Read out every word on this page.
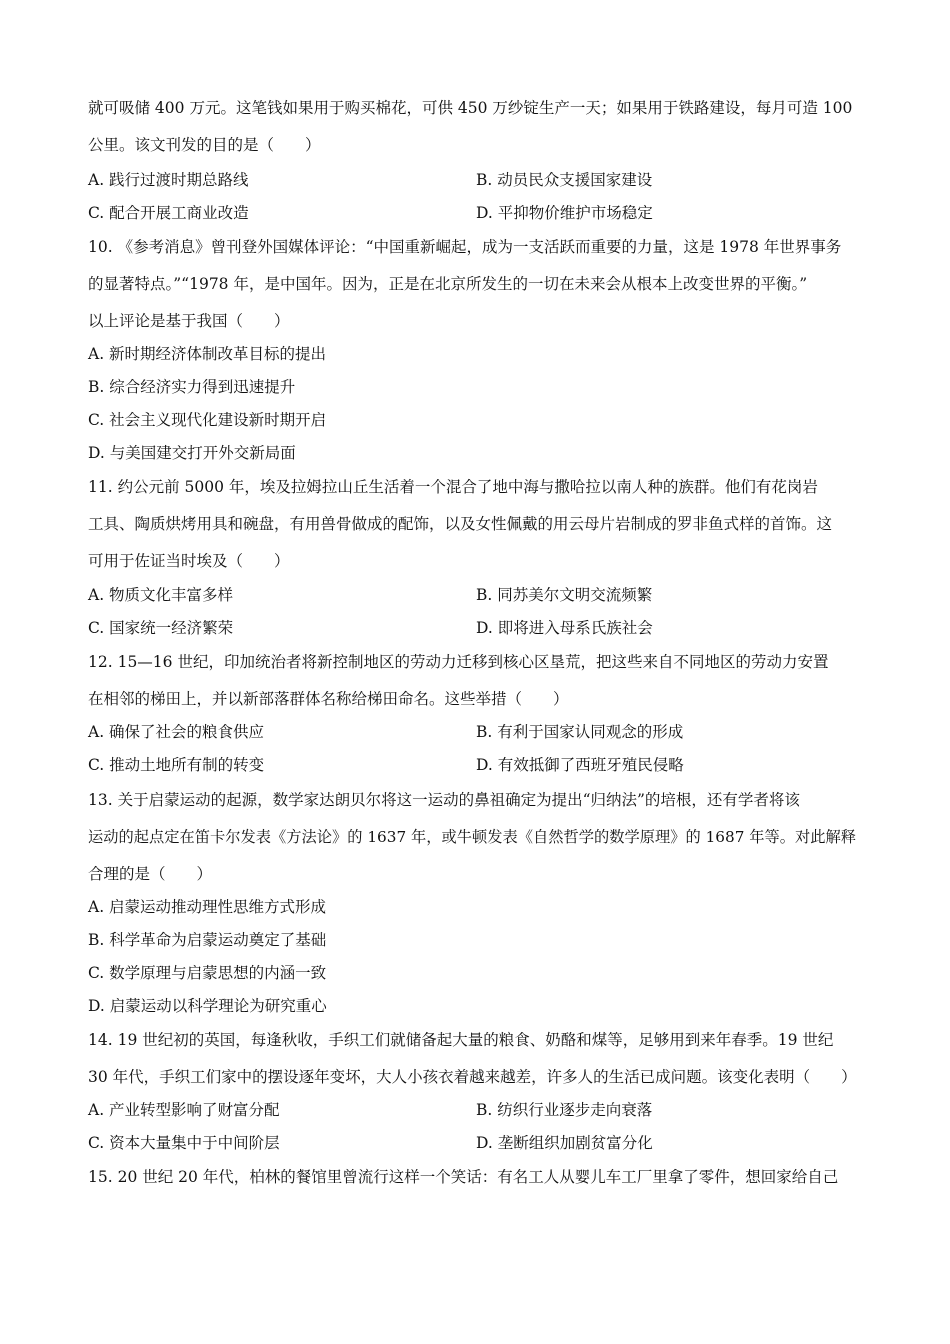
就可吸储 400 万元。这笔钱如果用于购买棉花，可供 450 万纱锭生产一天；如果用于铁路建设，每月可造 100
公里。该文刊发的目的是（　　）
A. 践行过渡时期总路线	B. 动员民众支援国家建设
C. 配合开展工商业改造	D. 平抑物价维护市场稳定
10. 《参考消息》曾刊登外国媒体评论：“中国重新崛起，成为一支活跃而重要的力量，这是 1978 年世界事务
的显著特点。”“1978 年，是中国年。因为，正是在北京所发生的一切在未来会从根本上改变世界的平衡。”
以上评论是基于我国（　　）
A. 新时期经济体制改革目标的提出
B. 综合经济实力得到迅速提升
C. 社会主义现代化建设新时期开启
D. 与美国建交打开外交新局面
11. 约公元前 5000 年，埃及拉姆拉山丘生活着一个混合了地中海与撒哈拉以南人种的族群。他们有花岗岩
工具、陶质烘烤用具和碗盘，有用兽骨做成的配饰，以及女性佩戴的用云母片岩制成的罗非鱼式样的首饰。这
可用于佐证当时埃及（　　）
A. 物质文化丰富多样	B. 同苏美尔文明交流频繁
C. 国家统一经济繁荣	D. 即将进入母系氏族社会
12. 15—16 世纪，印加统治者将新控制地区的劳动力迁移到核心区垦荒，把这些来自不同地区的劳动力安置
在相邻的梯田上，并以新部落群体名称给梯田命名。这些举措（　　）
A. 确保了社会的粮食供应	B. 有利于国家认同观念的形成
C. 推动土地所有制的转变	D. 有效抵御了西班牙殖民侵略
13. 关于启蒙运动的起源，数学家达朗贝尔将这一运动的鼻祖确定为提出“归纳法”的培根，还有学者将该
运动的起点定在笛卡尔发表《方法论》的 1637 年，或牛顿发表《自然哲学的数学原理》的 1687 年等。对此解释
合理的是（　　）
A. 启蒙运动推动理性思维方式形成
B. 科学革命为启蒙运动奠定了基础
C. 数学原理与启蒙思想的内涵一致
D. 启蒙运动以科学理论为研究重心
14. 19 世纪初的英国，每逢秋收，手织工们就储备起大量的粮食、奶酪和煤等，足够用到来年春季。19 世纪
30 年代，手织工们家中的摆设逐年变坏，大人小孩衣着越来越差，许多人的生活已成问题。该变化表明（　　）
A. 产业转型影响了财富分配	B. 纺织行业逐步走向衰落
C. 资本大量集中于中间阶层	D. 垄断组织加剧贫富分化
15. 20 世纪 20 年代，柏林的餐馆里曾流行这样一个笑话：有名工人从婴儿车工厂里拿了零件，想回家给自己
